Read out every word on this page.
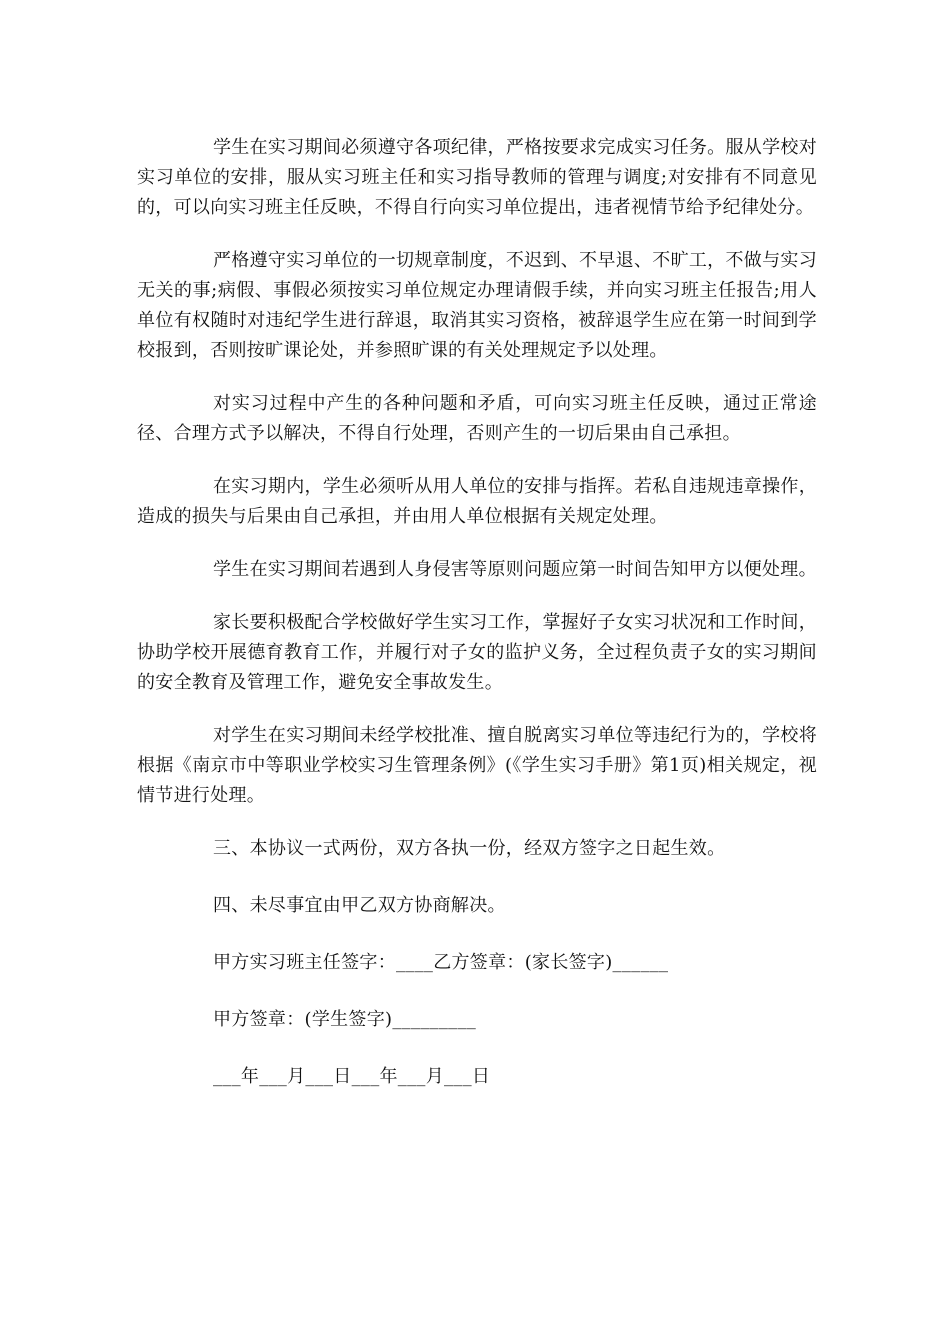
学生在实习期间必须遵守各项纪律，严格按要求完成实习任务。服从学校对实习单位的安排，服从实习班主任和实习指导教师的管理与调度;对安排有不同意见的，可以向实习班主任反映，不得自行向实习单位提出，违者视情节给予纪律处分。

严格遵守实习单位的一切规章制度，不迟到、不早退、不旷工，不做与实习无关的事;病假、事假必须按实习单位规定办理请假手续，并向实习班主任报告;用人单位有权随时对违纪学生进行辞退，取消其实习资格，被辞退学生应在第一时间到学校报到，否则按旷课论处，并参照旷课的有关处理规定予以处理。

对实习过程中产生的各种问题和矛盾，可向实习班主任反映，通过正常途径、合理方式予以解决，不得自行处理，否则产生的一切后果由自己承担。

在实习期内，学生必须听从用人单位的安排与指挥。若私自违规违章操作，造成的损失与后果由自己承担，并由用人单位根据有关规定处理。

学生在实习期间若遇到人身侵害等原则问题应第一时间告知甲方以便处理。

家长要积极配合学校做好学生实习工作，掌握好子女实习状况和工作时间，协助学校开展德育教育工作，并履行对子女的监护义务，全过程负责子女的实习期间的安全教育及管理工作，避免安全事故发生。

对学生在实习期间未经学校批准、擅自脱离实习单位等违纪行为的，学校将根据《南京市中等职业学校实习生管理条例》(《学生实习手册》第1页)相关规定，视情节进行处理。

三、本协议一式两份，双方各执一份，经双方签字之日起生效。

四、未尽事宜由甲乙双方协商解决。

甲方实习班主任签字：____乙方签章：(家长签字)______

甲方签章：(学生签字)_________

___年___月___日___年___月___日
